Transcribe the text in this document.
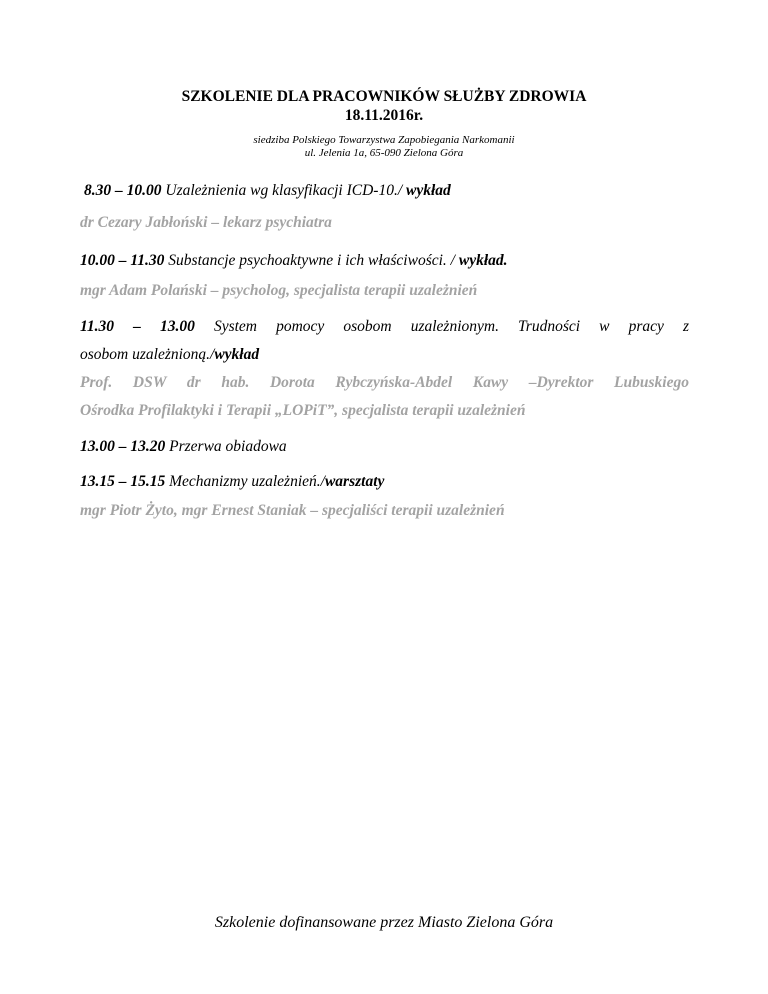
SZKOLENIE DLA PRACOWNIKÓW SŁUŻBY ZDROWIA
18.11.2016r.
siedziba Polskiego Towarzystwa Zapobiegania Narkomanii
ul. Jelenia 1a, 65-090 Zielona Góra
8.30 – 10.00 Uzależnienia wg klasyfikacji ICD-10./ wykład
dr Cezary Jabłoński – lekarz psychiatra
10.00 – 11.30 Substancje psychoaktywne i ich właściwości. / wykład.
mgr Adam Polański – psycholog, specjalista terapii uzależnień
11.30 – 13.00 System pomocy osobom uzależnionym. Trudności w pracy z
osobom uzależnioną./wykład
Prof. DSW dr hab. Dorota Rybczyńska-Abdel Kawy –Dyrektor Lubuskiego
Ośrodka Profilaktyki i Terapii „LOPiT”, specjalista terapii uzależnień
13.00 – 13.20 Przerwa obiadowa
13.15 – 15.15 Mechanizmy uzależnień./warsztaty
mgr Piotr Żyto, mgr Ernest Staniak – specjaliści terapii uzależnień
Szkolenie dofinansowane przez Miasto Zielona Góra
